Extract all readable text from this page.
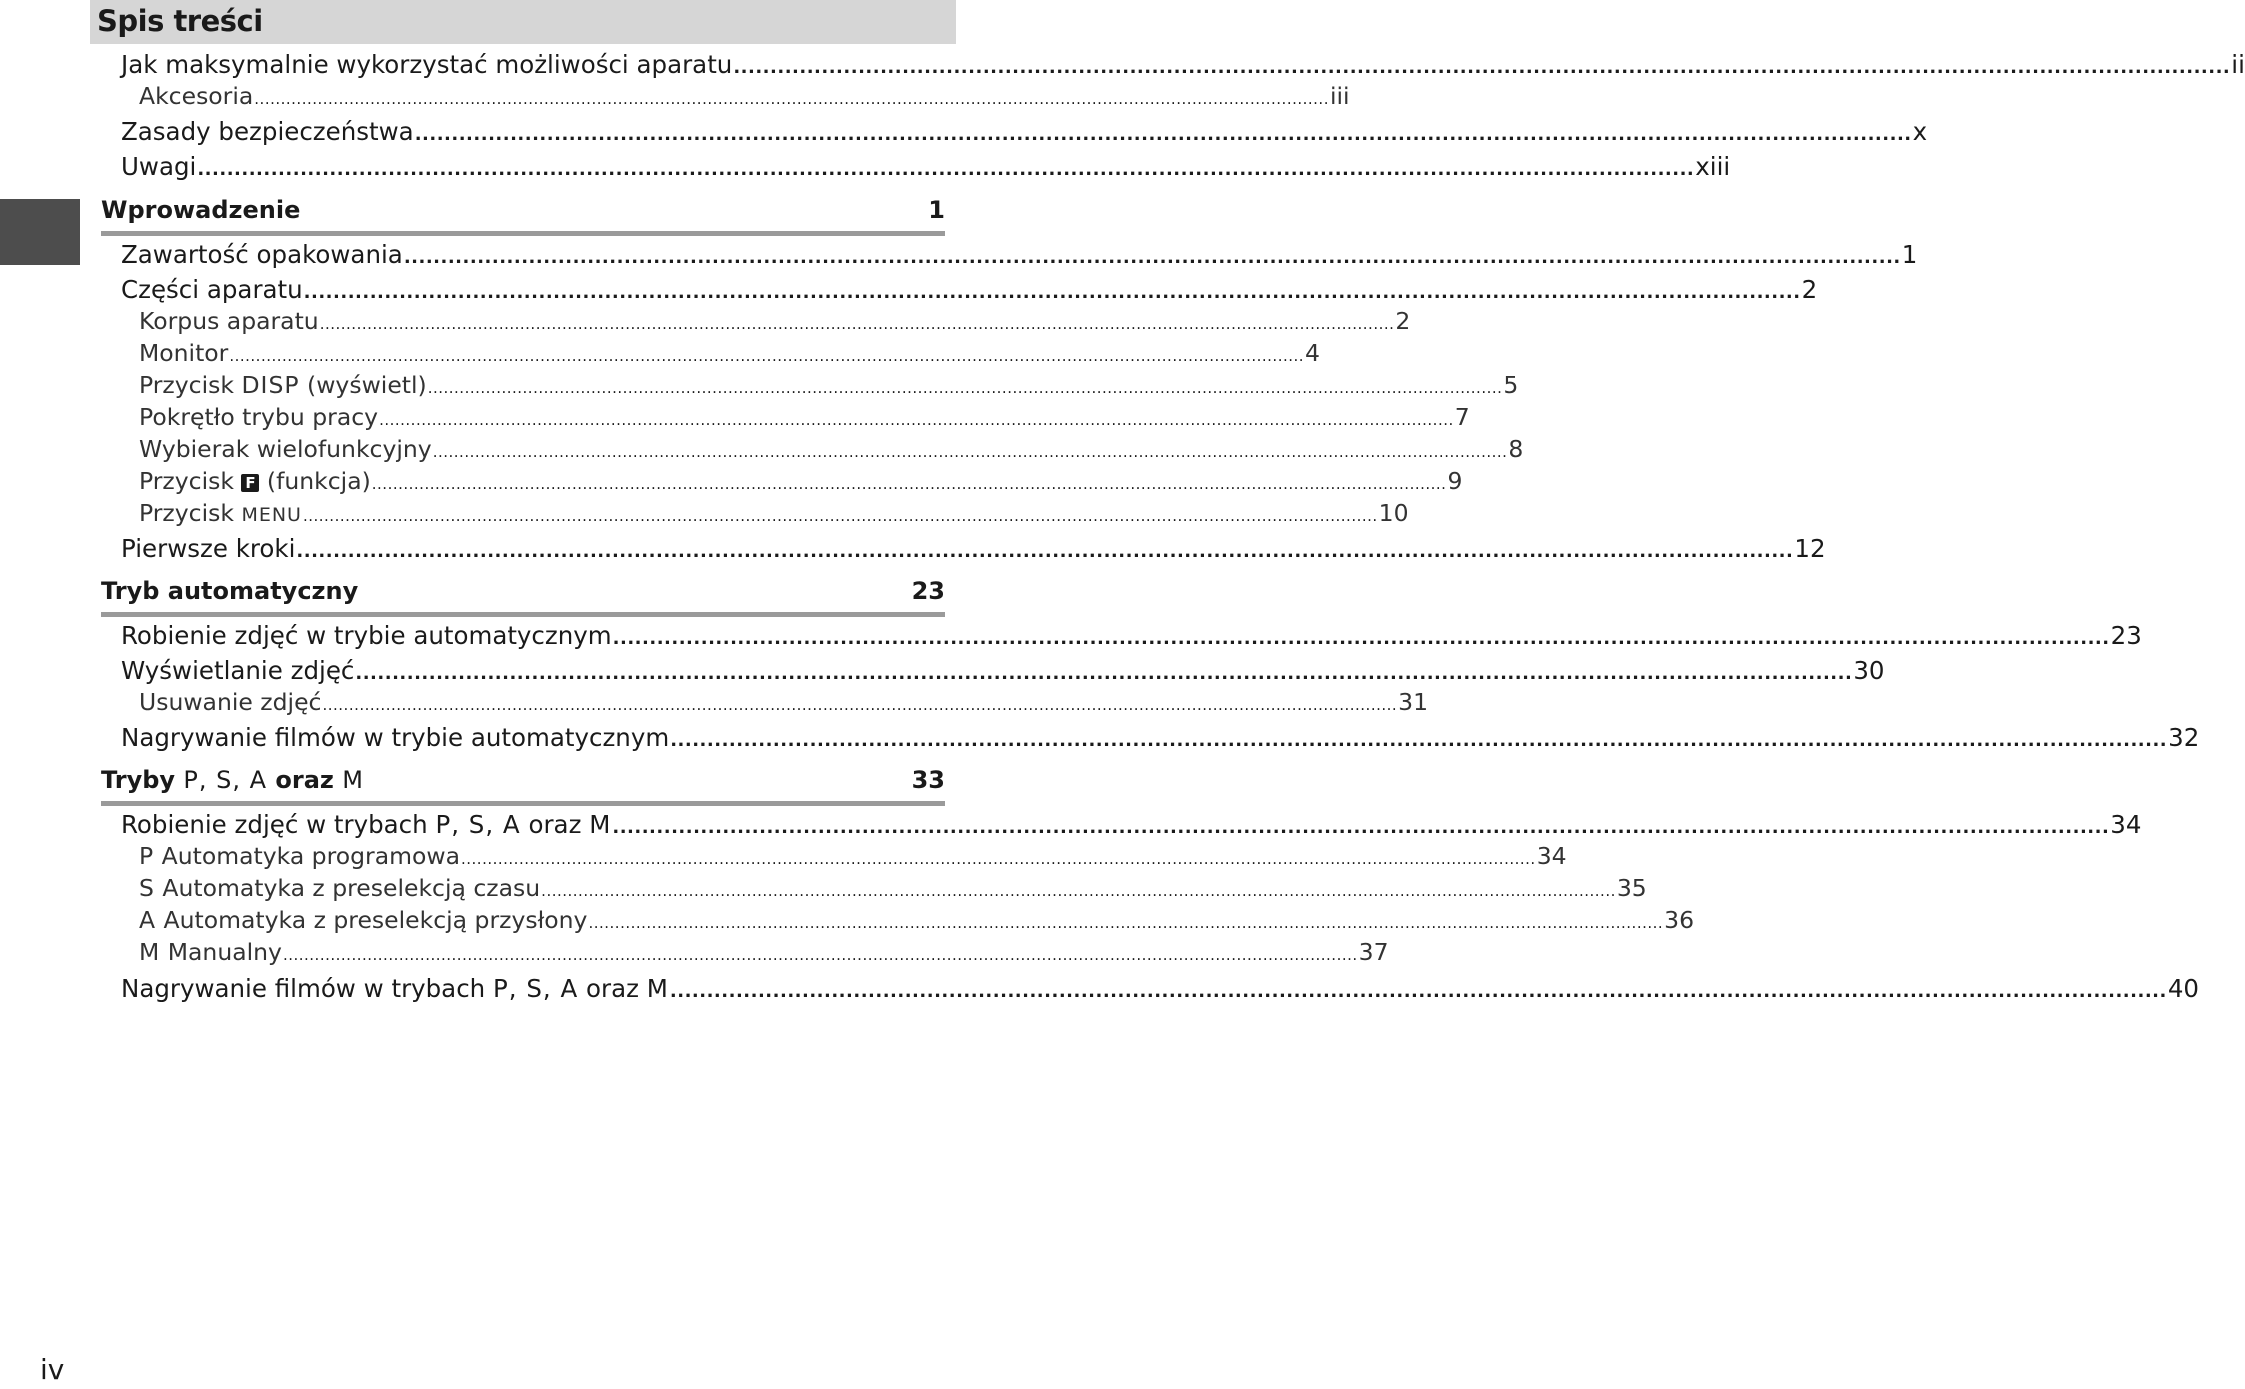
Spis treści
Jak maksymalnie wykorzystać możliwości aparatu ............................................................................................................................................................................................................ ii
Akcesoria ............................................................................................................................................................................................................ iii
Zasady bezpieczeństwa ............................................................................................................................................................................................................ x
Uwagi ............................................................................................................................................................................................................ xiii
Wprowadzenie	1
Zawartość opakowania ............................................................................................................................................................................................................ 1
Części aparatu ............................................................................................................................................................................................................ 2
Korpus aparatu ............................................................................................................................................................................................................ 2
Monitor ............................................................................................................................................................................................................ 4
Przycisk DISP (wyświetl) ............................................................................................................................................................................................................ 5
Pokrętło trybu pracy ............................................................................................................................................................................................................ 7
Wybierak wielofunkcyjny ............................................................................................................................................................................................................ 8
Przycisk F (funkcja) ............................................................................................................................................................................................................ 9
Przycisk MENU ............................................................................................................................................................................................................ 10
Pierwsze kroki ............................................................................................................................................................................................................ 12
Tryb automatyczny	23
Robienie zdjęć w trybie automatycznym ............................................................................................................................................................................................................ 23
Wyświetlanie zdjęć ............................................................................................................................................................................................................ 30
Usuwanie zdjęć ............................................................................................................................................................................................................ 31
Nagrywanie filmów w trybie automatycznym ............................................................................................................................................................................................................ 32
Tryby P, S, A oraz M	33
Robienie zdjęć w trybach P, S, A oraz M ............................................................................................................................................................................................................ 34
P Automatyka programowa ............................................................................................................................................................................................................ 34
S Automatyka z preselekcją czasu ............................................................................................................................................................................................................ 35
A Automatyka z preselekcją przysłony ............................................................................................................................................................................................................ 36
M Manualny ............................................................................................................................................................................................................ 37
Nagrywanie filmów w trybach P, S, A oraz M ............................................................................................................................................................................................................ 40
iv
